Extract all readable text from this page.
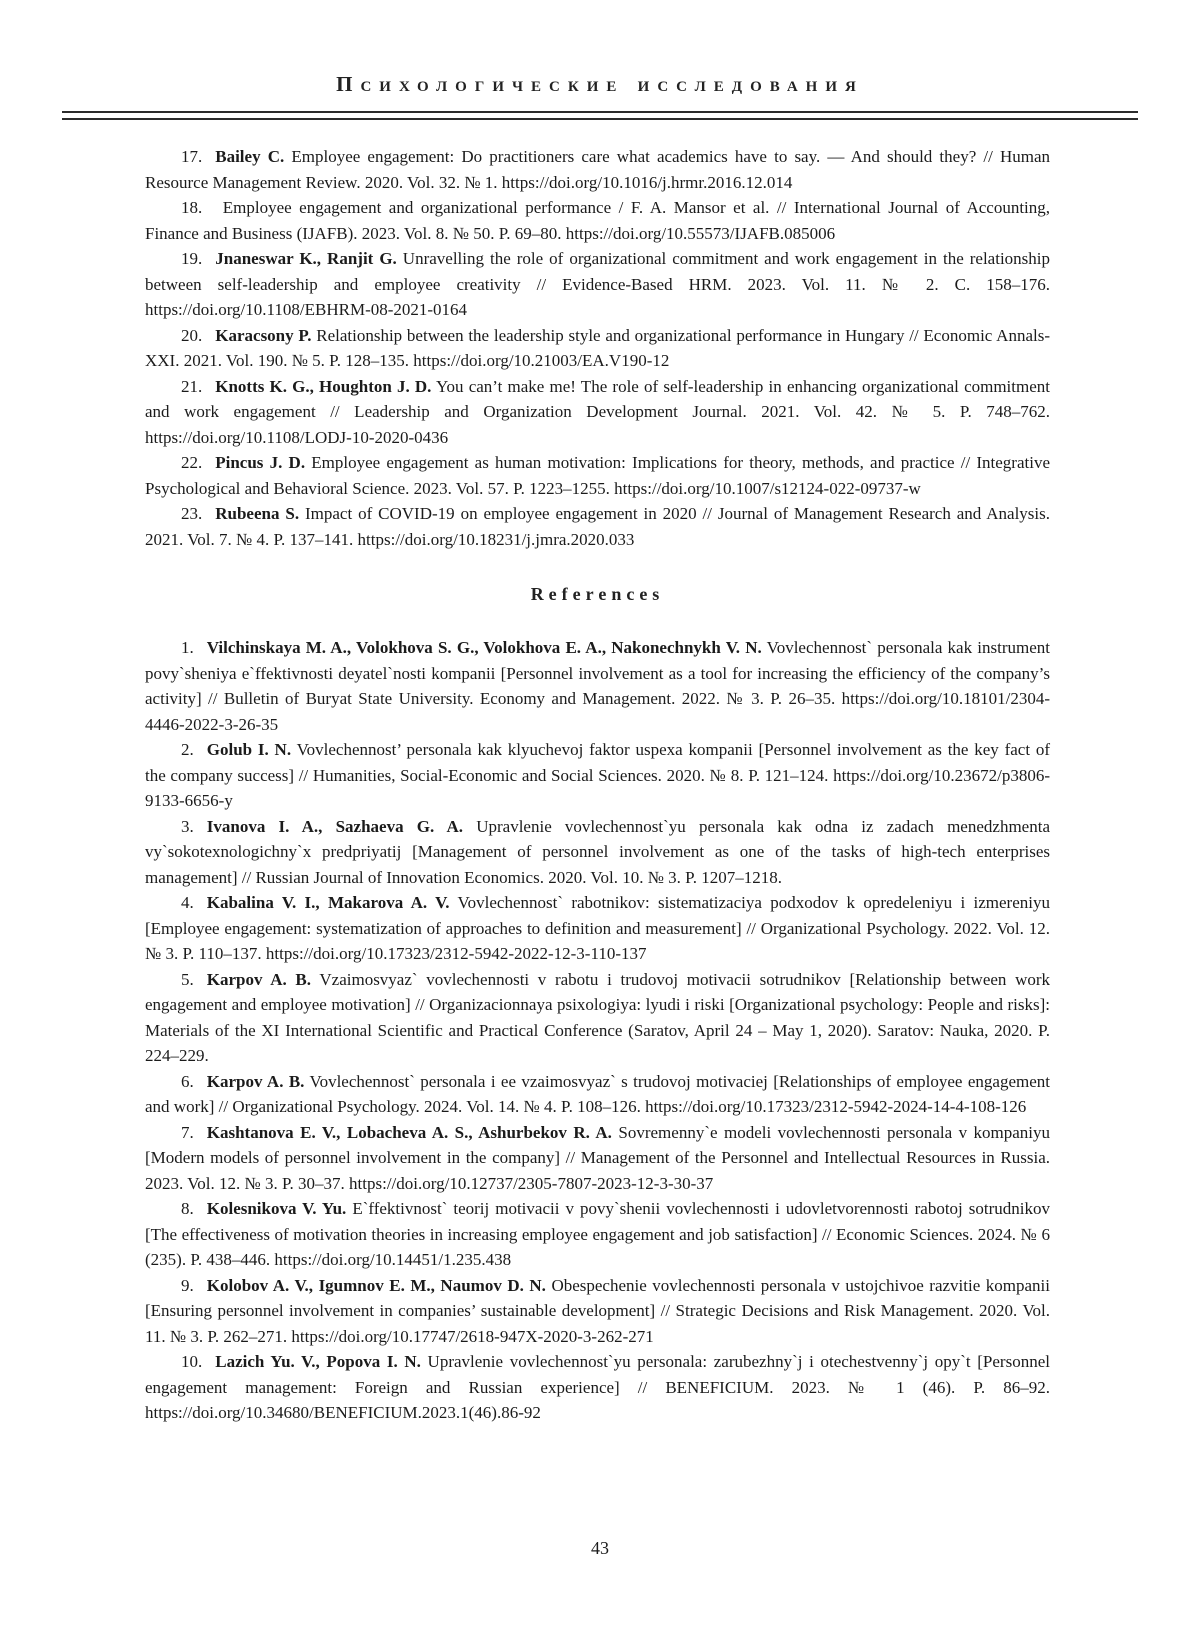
Психологические исследования

17. Bailey C. Employee engagement: Do practitioners care what academics have to say. — And should they? // Human Resource Management Review. 2020. Vol. 32. № 1. https://doi.org/10.1016/j.hrmr.2016.12.014

18. Employee engagement and organizational performance / F. A. Mansor et al. // International Journal of Accounting, Finance and Business (IJAFB). 2023. Vol. 8. № 50. P. 69–80. https://doi.org/10.55573/IJAFB.085006

19. Jnaneswar K., Ranjit G. Unravelling the role of organizational commitment and work engagement in the relationship between self-leadership and employee creativity // Evidence-Based HRM. 2023. Vol. 11. № 2. С. 158–176. https://doi.org/10.1108/EBHRM-08-2021-0164

20. Karacsony P. Relationship between the leadership style and organizational performance in Hungary // Economic Annals-XXI. 2021. Vol. 190. № 5. P. 128–135. https://doi.org/10.21003/EA.V190-12

21. Knotts K. G., Houghton J. D. You can’t make me! The role of self-leadership in enhancing organizational commitment and work engagement // Leadership and Organization Development Journal. 2021. Vol. 42. № 5. P. 748–762. https://doi.org/10.1108/LODJ-10-2020-0436

22. Pincus J. D. Employee engagement as human motivation: Implications for theory, methods, and practice // Integrative Psychological and Behavioral Science. 2023. Vol. 57. P. 1223–1255. https://doi.org/10.1007/s12124-022-09737-w

23. Rubeena S. Impact of COVID-19 on employee engagement in 2020 // Journal of Management Research and Analysis. 2021. Vol. 7. № 4. P. 137–141. https://doi.org/10.18231/j.jmra.2020.033

References

1. Vilchinskaya M. A., Volokhova S. G., Volokhova E. A., Nakonechnykh V. N. Vovlechennost` personala kak instrument povy`sheniya e`ffektivnosti deyatel`nosti kompanii [Personnel involvement as a tool for increasing the efficiency of the company’s activity] // Bulletin of Buryat State University. Economy and Management. 2022. № 3. P. 26–35. https://doi.org/10.18101/2304-4446-2022-3-26-35

2. Golub I. N. Vovlechennost’ personala kak klyuchevoj faktor uspexa kompanii [Personnel involvement as the key fact of the company success] // Humanities, Social-Economic and Social Sciences. 2020. № 8. P. 121–124. https://doi.org/10.23672/p3806-9133-6656-y

3. Ivanova I. A., Sazhaeva G. A. Upravlenie vovlechennost`yu personala kak odna iz zadach menedzhmenta vy`sokotexnologichny`x predpriyatij [Management of personnel involvement as one of the tasks of high-tech enterprises management] // Russian Journal of Innovation Economics. 2020. Vol. 10. № 3. P. 1207–1218.

4. Kabalina V. I., Makarova A. V. Vovlechennost` rabotnikov: sistematizaciya podxodov k opredeleniyu i izmereniyu [Employee engagement: systematization of approaches to definition and measurement] // Organizational Psychology. 2022. Vol. 12. № 3. P. 110–137. https://doi.org/10.17323/2312-5942-2022-12-3-110-137

5. Karpov A. B. Vzaimosvyaz` vovlechennosti v rabotu i trudovoj motivacii sotrudnikov [Relationship between work engagement and employee motivation] // Organizacionnaya psixologiya: lyudi i riski [Organizational psychology: People and risks]: Materials of the XI International Scientific and Practical Conference (Saratov, April 24 – May 1, 2020). Saratov: Nauka, 2020. P. 224–229.

6. Karpov A. B. Vovlechennost` personala i ee vzaimosvyaz` s trudovoj motivaciej [Relationships of employee engagement and work] // Organizational Psychology. 2024. Vol. 14. № 4. P. 108–126. https://doi.org/10.17323/2312-5942-2024-14-4-108-126

7. Kashtanova E. V., Lobacheva A. S., Ashurbekov R. A. Sovremenny`e modeli vovlechennosti personala v kompaniyu [Modern models of personnel involvement in the company] // Management of the Personnel and Intellectual Resources in Russia. 2023. Vol. 12. № 3. P. 30–37. https://doi.org/10.12737/2305-7807-2023-12-3-30-37

8. Kolesnikova V. Yu. E`ffektivnost` teorij motivacii v povy`shenii vovlechennosti i udovletvorennosti rabotoj sotrudnikov [The effectiveness of motivation theories in increasing employee engagement and job satisfaction] // Economic Sciences. 2024. № 6 (235). P. 438–446. https://doi.org/10.14451/1.235.438

9. Kolobov A. V., Igumnov E. M., Naumov D. N. Obespechenie vovlechennosti personala v ustojchivoe razvitie kompanii [Ensuring personnel involvement in companies’ sustainable development] // Strategic Decisions and Risk Management. 2020. Vol. 11. № 3. P. 262–271. https://doi.org/10.17747/2618-947X-2020-3-262-271

10. Lazich Yu. V., Popova I. N. Upravlenie vovlechennost`yu personala: zarubezhny`j i otechestvenny`j opy`t [Personnel engagement management: Foreign and Russian experience] // BENEFICIUM. 2023. № 1 (46). P. 86–92. https://doi.org/10.34680/BENEFICIUM.2023.1(46).86-92

43
